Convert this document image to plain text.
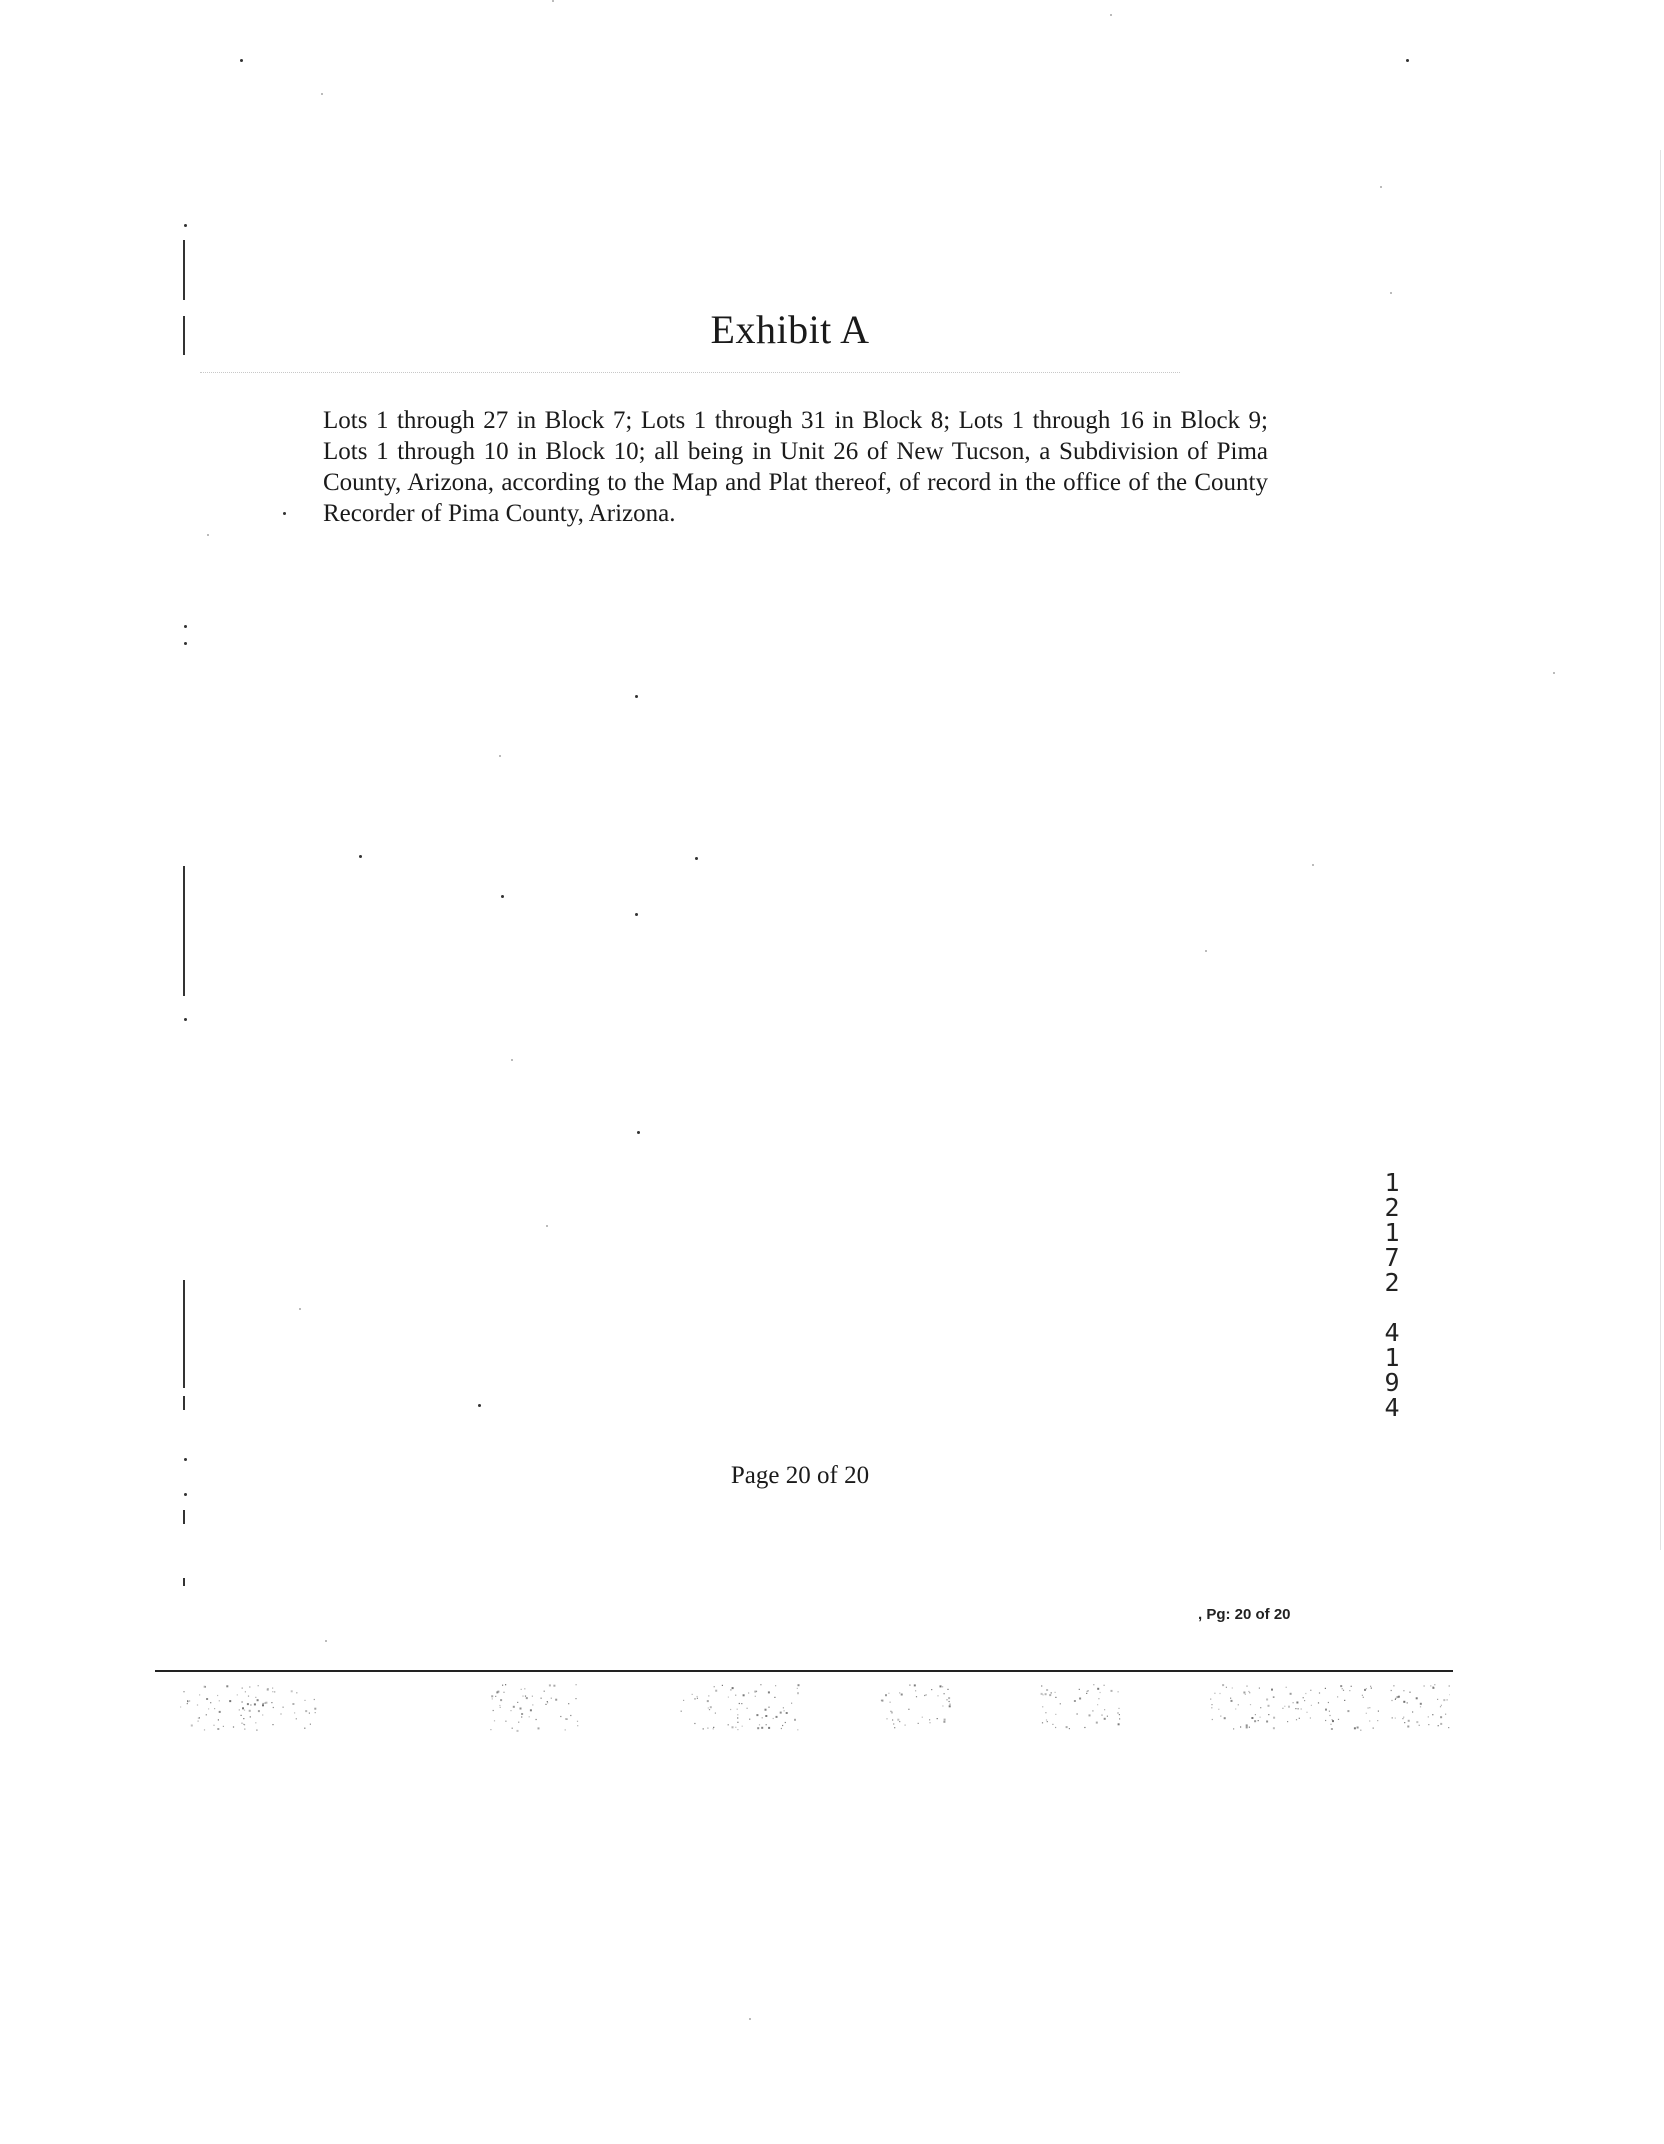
Exhibit A
Lots 1 through 27 in Block 7; Lots 1 through 31 in Block 8; Lots 1 through 16 in Block 9; Lots 1 through 10 in Block 10; all being in Unit 26 of New Tucson, a Subdivision of Pima County, Arizona, according to the Map and Plat thereof, of record in the office of the County Recorder of Pima County, Arizona.
1
2
1
7
2
4
1
9
4
Page 20 of 20
, Pg: 20 of 20
